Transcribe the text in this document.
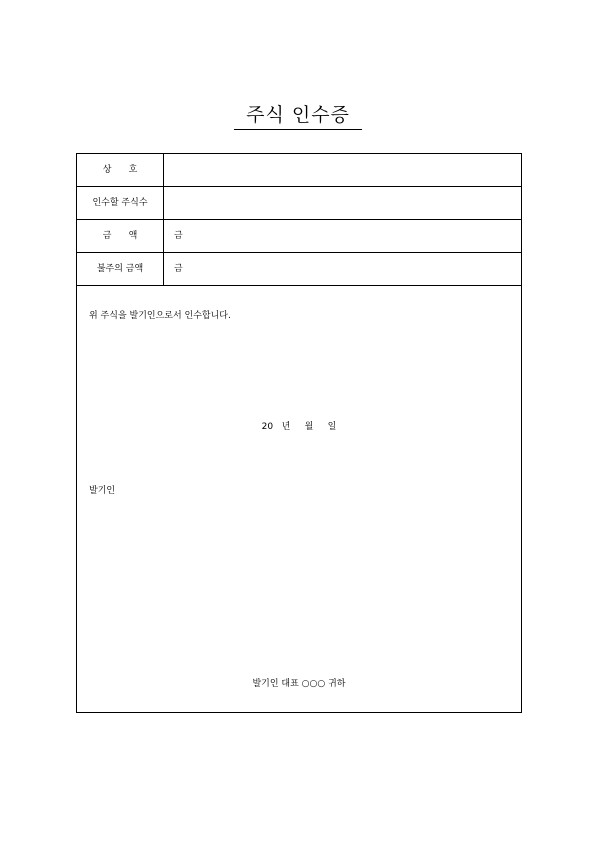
주식 인수증
상      호
인수할 주식수
금      액	금
불주의 금액	금
위 주식을 발기인으로서 인수합니다.
20   년     월     일
발기인
발기인 대표 ○○○ 귀하
